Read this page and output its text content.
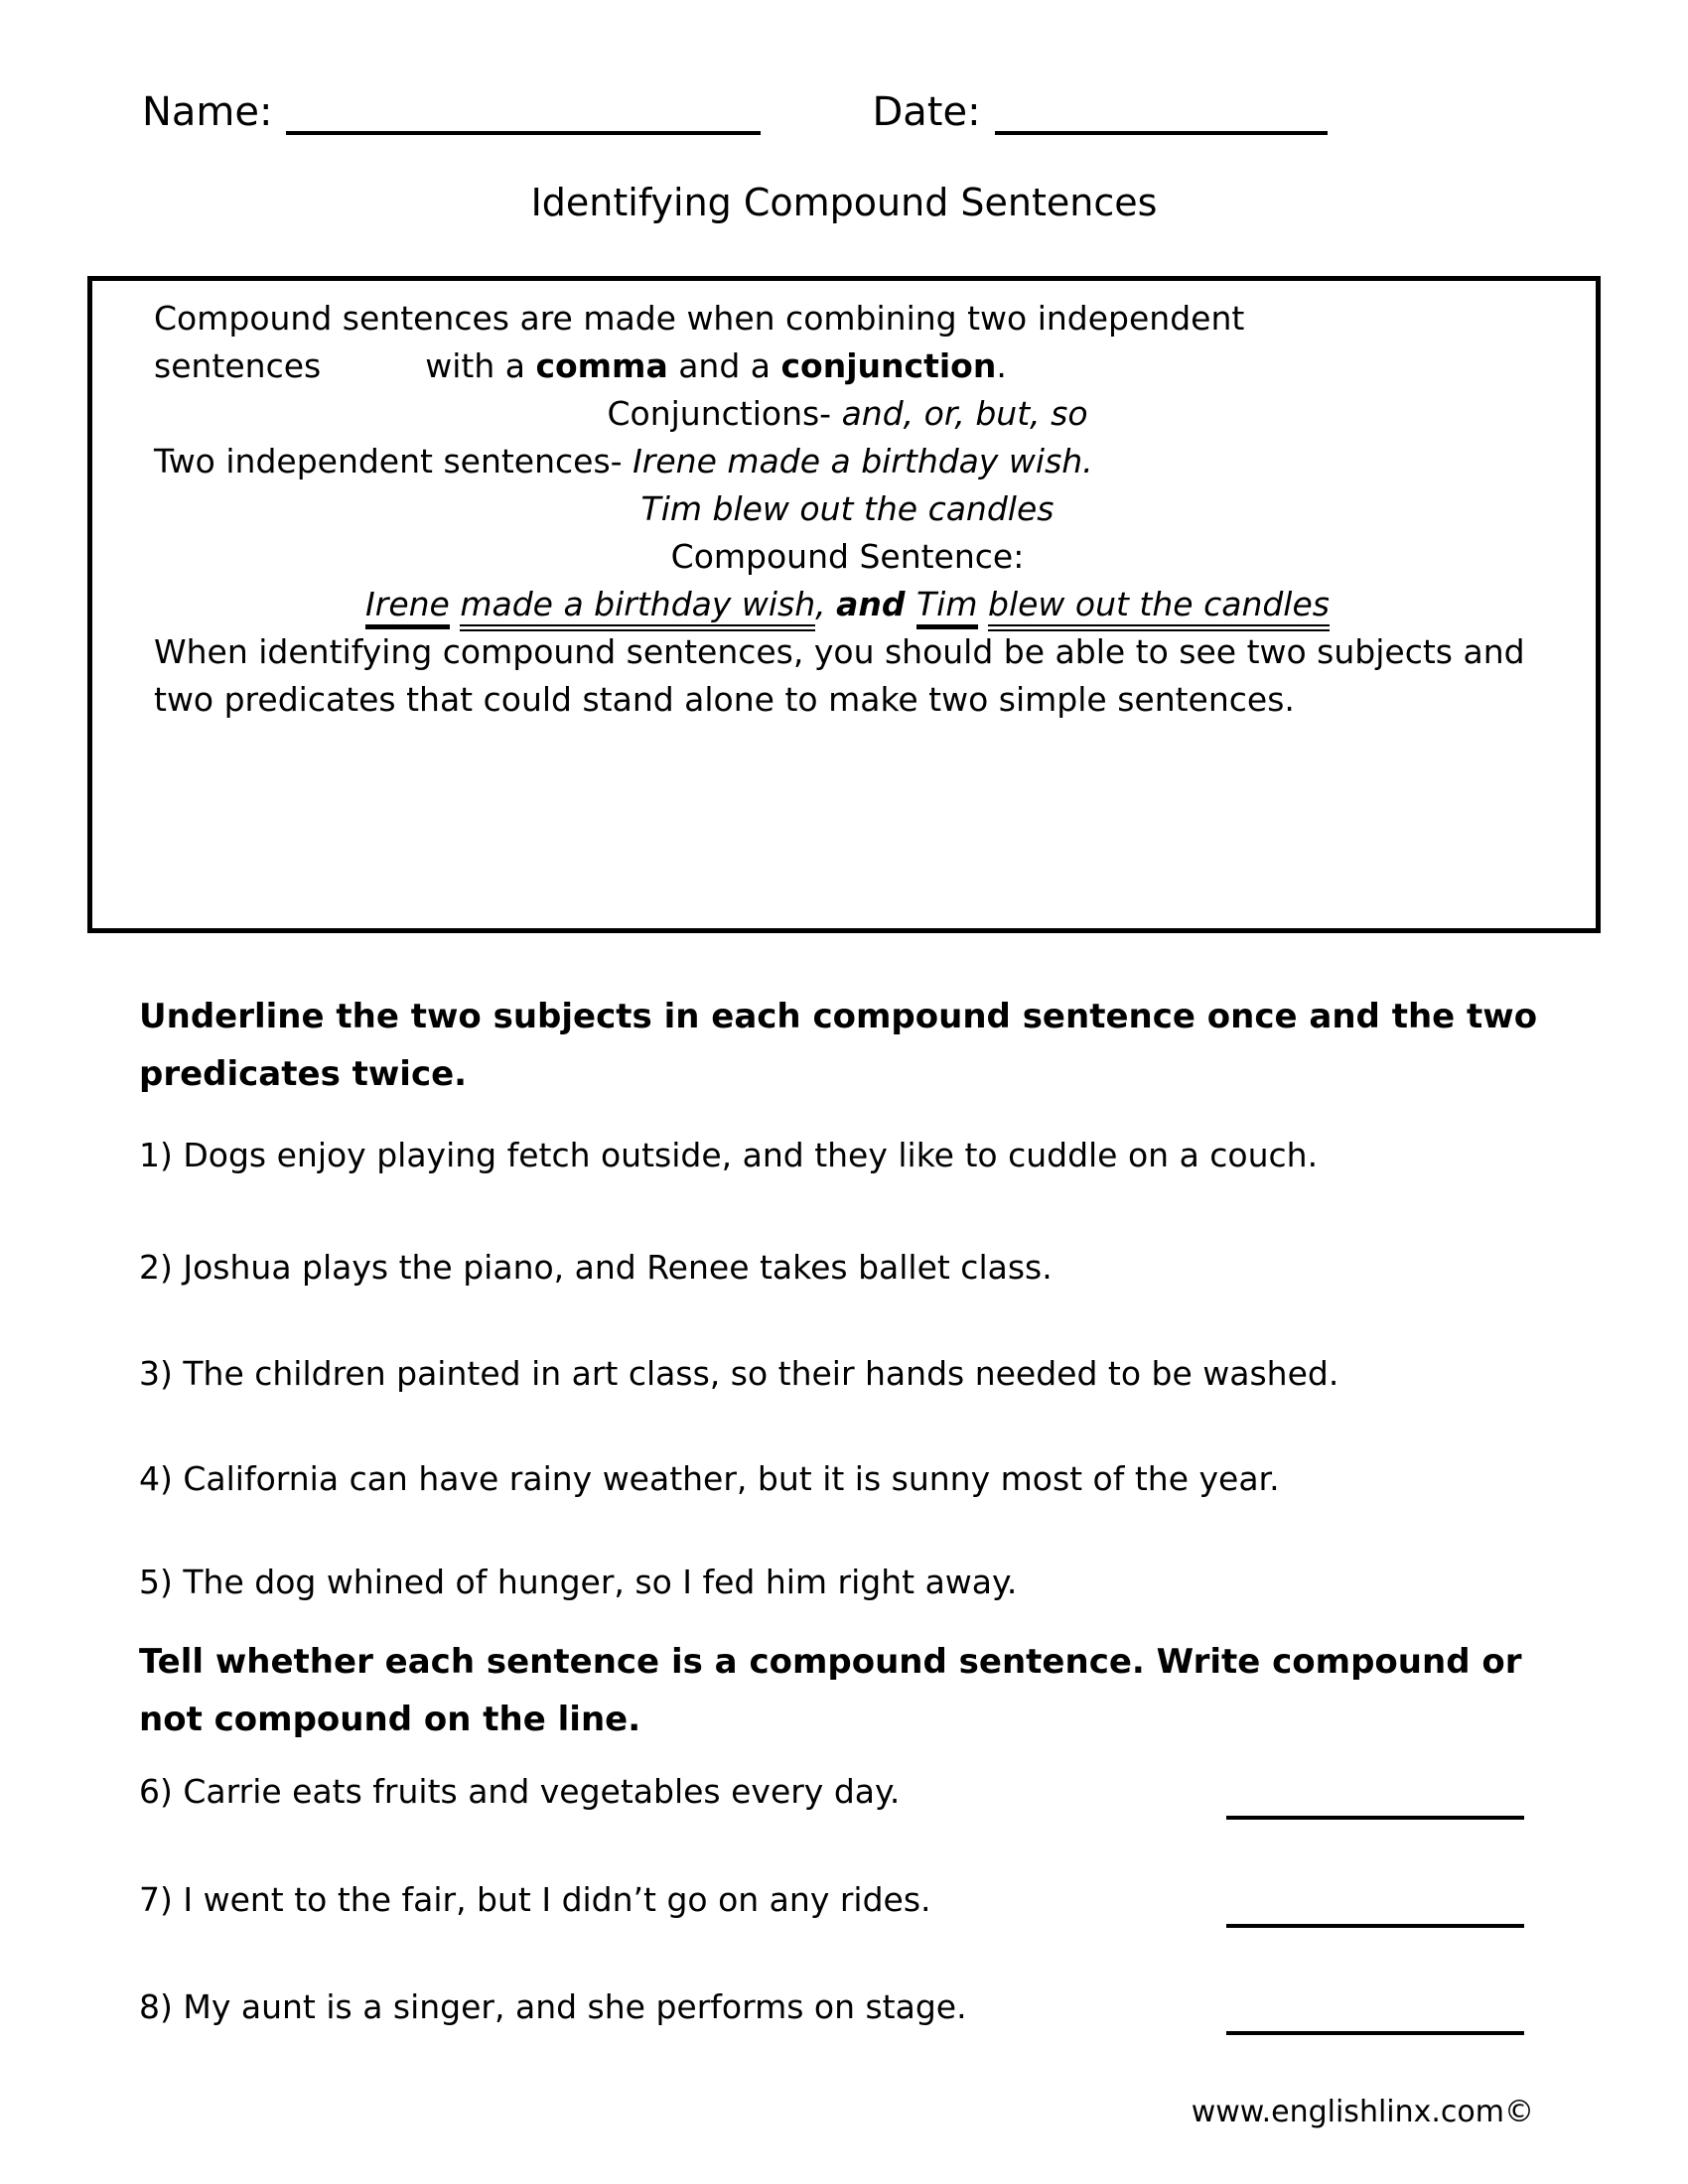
Name:	Date:
Identifying Compound Sentences

Compound sentences are made when combining two independent
sentences	with a comma and a conjunction.

Conjunctions- and, or, but, so

Two independent sentences- Irene made a birthday wish.

Tim blew out the candles

Compound Sentence:

Irene made a birthday wish, and Tim blew out the candles

When identifying compound sentences, you should be able to see two subjects and two predicates that could stand alone to make two simple sentences.

Underline the two subjects in each compound sentence once and the two predicates twice.
1) Dogs enjoy playing fetch outside, and they like to cuddle on a couch.
2) Joshua plays the piano, and Renee takes ballet class.
3) The children painted in art class, so their hands needed to be washed.
4) California can have rainy weather, but it is sunny most of the year.
5) The dog whined of hunger, so I fed him right away.
Tell whether each sentence is a compound sentence. Write compound or not compound on the line.
6) Carrie eats fruits and vegetables every day.
7) I went to the fair, but I didn’t go on any rides.
8) My aunt is a singer, and she performs on stage.
www.englishlinx.com©
